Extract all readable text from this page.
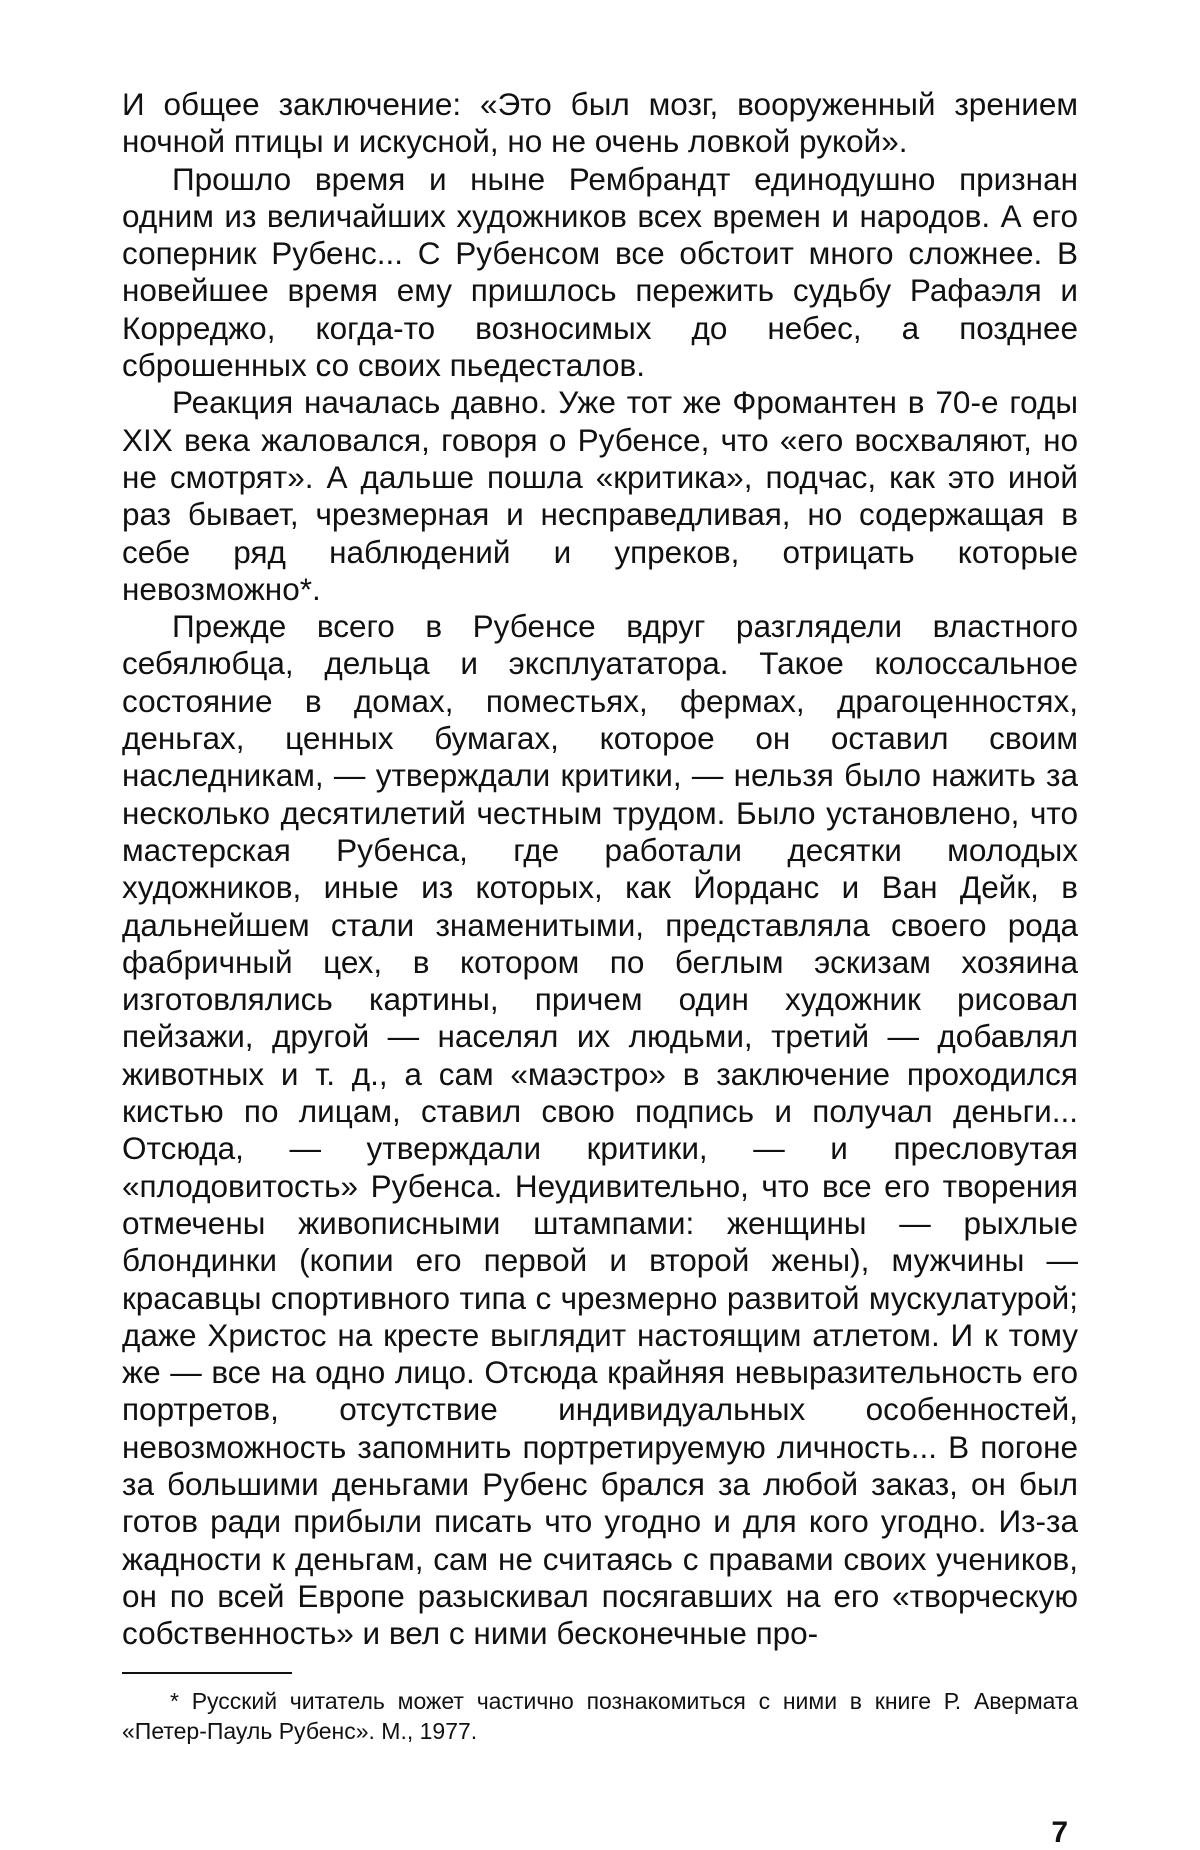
И общее заключение: «Это был мозг, вооруженный зрением ночной птицы и искусной, но не очень ловкой рукой».

Прошло время и ныне Рембрандт единодушно признан одним из величайших художников всех времен и народов. А его соперник Рубенс... С Рубенсом все обстоит много сложнее. В новейшее время ему пришлось пережить судьбу Рафаэля и Корреджо, когда-то возносимых до небес, а позднее сброшенных со своих пьедесталов.

Реакция началась давно. Уже тот же Фромантен в 70-е годы XIX века жаловался, говоря о Рубенсе, что «его восхваляют, но не смотрят». А дальше пошла «критика», подчас, как это иной раз бывает, чрезмерная и несправедливая, но содержащая в себе ряд наблюдений и упреков, отрицать которые невозможно*.

Прежде всего в Рубенсе вдруг разглядели властного себялюбца, дельца и эксплуататора. Такое колоссальное состояние в домах, поместьях, фермах, драгоценностях, деньгах, ценных бумагах, которое он оставил своим наследникам, — утверждали критики, — нельзя было нажить за несколько десятилетий честным трудом. Было установлено, что мастерская Рубенса, где работали десятки молодых художников, иные из которых, как Йорданс и Ван Дейк, в дальнейшем стали знаменитыми, представляла своего рода фабричный цех, в котором по беглым эскизам хозяина изготовлялись картины, причем один художник рисовал пейзажи, другой — населял их людьми, третий — добавлял животных и т. д., а сам «маэстро» в заключение проходился кистью по лицам, ставил свою подпись и получал деньги... Отсюда, — утверждали критики, — и пресловутая «плодовитость» Рубенса. Неудивительно, что все его творения отмечены живописными штампами: женщины — рыхлые блондинки (копии его первой и второй жены), мужчины — красавцы спортивного типа с чрезмерно развитой мускулатурой; даже Христос на кресте выглядит настоящим атлетом. И к тому же — все на одно лицо. Отсюда крайняя невыразительность его портретов, отсутствие индивидуальных особенностей, невозможность запомнить портретируемую личность... В погоне за большими деньгами Рубенс брался за любой заказ, он был готов ради прибыли писать что угодно и для кого угодно. Из-за жадности к деньгам, сам не считаясь с правами своих учеников, он по всей Европе разыскивал посягавших на его «творческую собственность» и вел с ними бесконечные про-

* Русский читатель может частично познакомиться с ними в книге Р. Авермата «Петер-Пауль Рубенс». М., 1977.

7
